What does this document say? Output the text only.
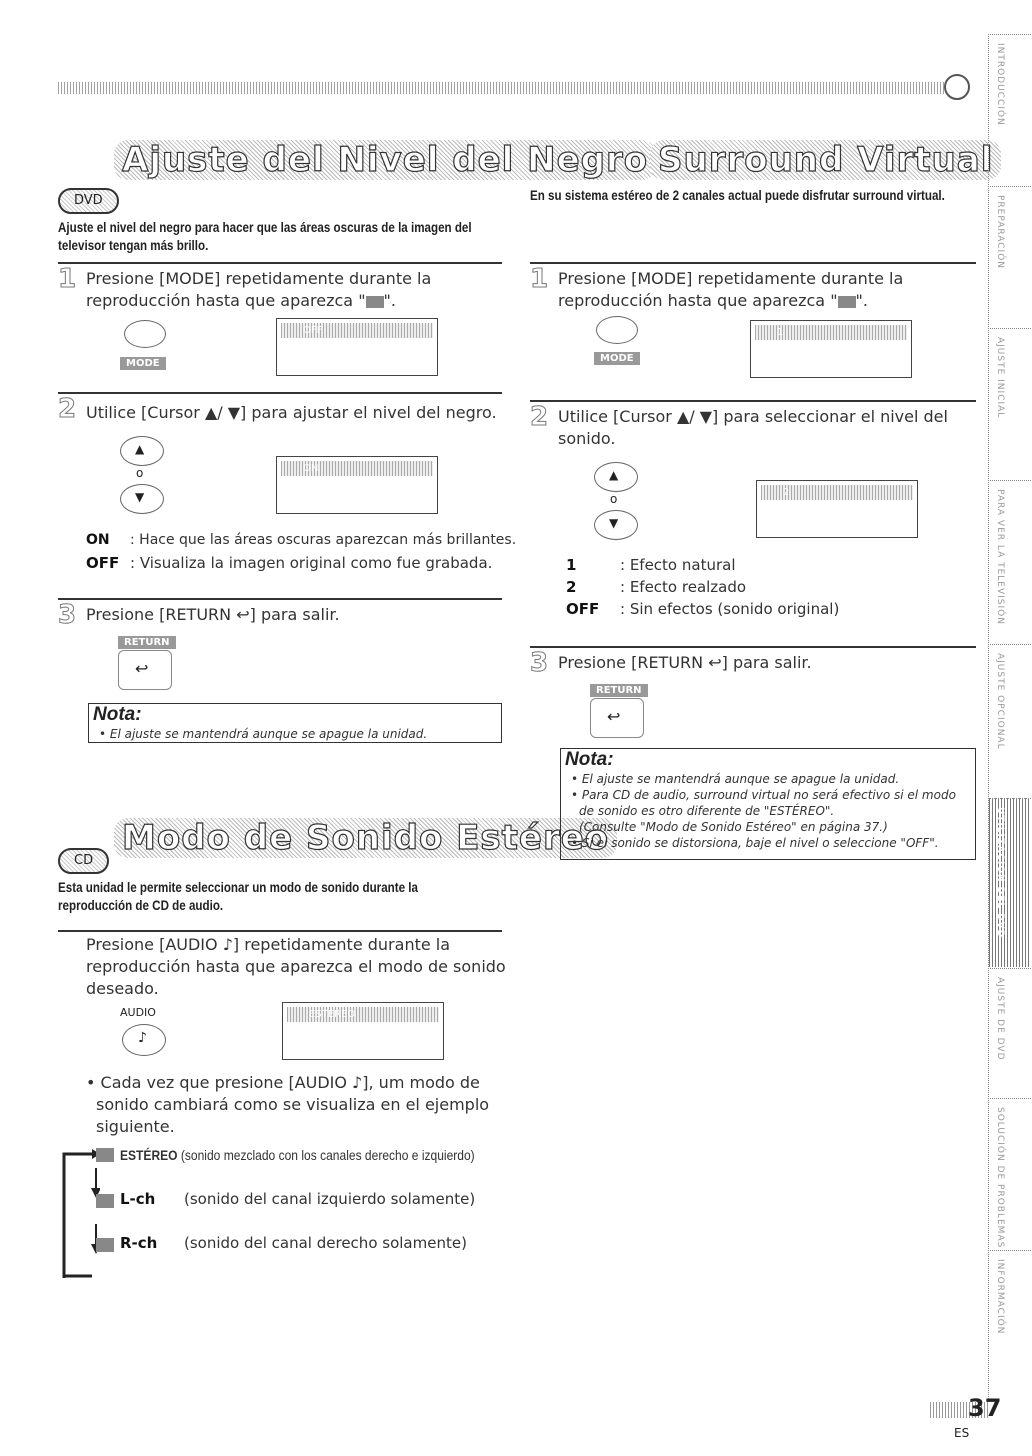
Ajuste del Nivel del Negro
DVD
Ajuste el nivel del negro para hacer que las áreas oscuras de la imagen del
televisor tengan más brillo.
1 Presione [MODE] repetidamente durante la
reproducción hasta que aparezca " ".
MODE
OFF
2 Utilice [Cursor ▲/ ▼] para ajustar el nivel del negro.
▲
o
▼
ON
ON : Hace que las áreas oscuras aparezcan más brillantes.
OFF : Visualiza la imagen original como fue grabada.
3 Presione [RETURN ↩] para salir.
RETURN
↩
Nota:
• El ajuste se mantendrá aunque se apague la unidad.
Modo de Sonido Estéreo
CD
Esta unidad le permite seleccionar un modo de sonido durante la
reproducción de CD de audio.
Presione [AUDIO ♪] repetidamente durante la
reproducción hasta que aparezca el modo de sonido
deseado.
AUDIO
♪
ESTÉREO
• Cada vez que presione [AUDIO ♪], um modo de
sonido cambiará como se visualiza en el ejemplo
siguiente.
ESTÉREO (sonido mezclado con los canales derecho e izquierdo)
L-ch (sonido del canal izquierdo solamente)
R-ch (sonido del canal derecho solamente)
Surround Virtual
En su sistema estéreo de 2 canales actual puede disfrutar surround virtual.
1 Presione [MODE] repetidamente durante la
reproducción hasta que aparezca " ".
MODE
1
2 Utilice [Cursor ▲/ ▼] para seleccionar el nivel del
sonido.
▲
o
▼
2
1	: Efecto natural
2	: Efecto realzado
OFF : Sin efectos (sonido original)
3 Presione [RETURN ↩] para salir.
RETURN
↩
Nota:
• El ajuste se mantendrá aunque se apague la unidad.
• Para CD de audio, surround virtual no será efectivo si el modo
de sonido es otro diferente de "ESTÉREO".
(Consulte "Modo de Sonido Estéreo" en página 37.)
• Si el sonido se distorsiona, baje el nivel o seleccione "OFF".
INTRODUCCIÓN
PREPARACIÓN
AJUSTE INICIAL
PARA VER LA TELEVISIÓN
AJUSTE OPCIONAL
UTILIZACIÓN DEL DVD
AJUSTE DE DVD
SOLUCIÓN DE PROBLEMAS
INFORMACIÓN
37
ES
